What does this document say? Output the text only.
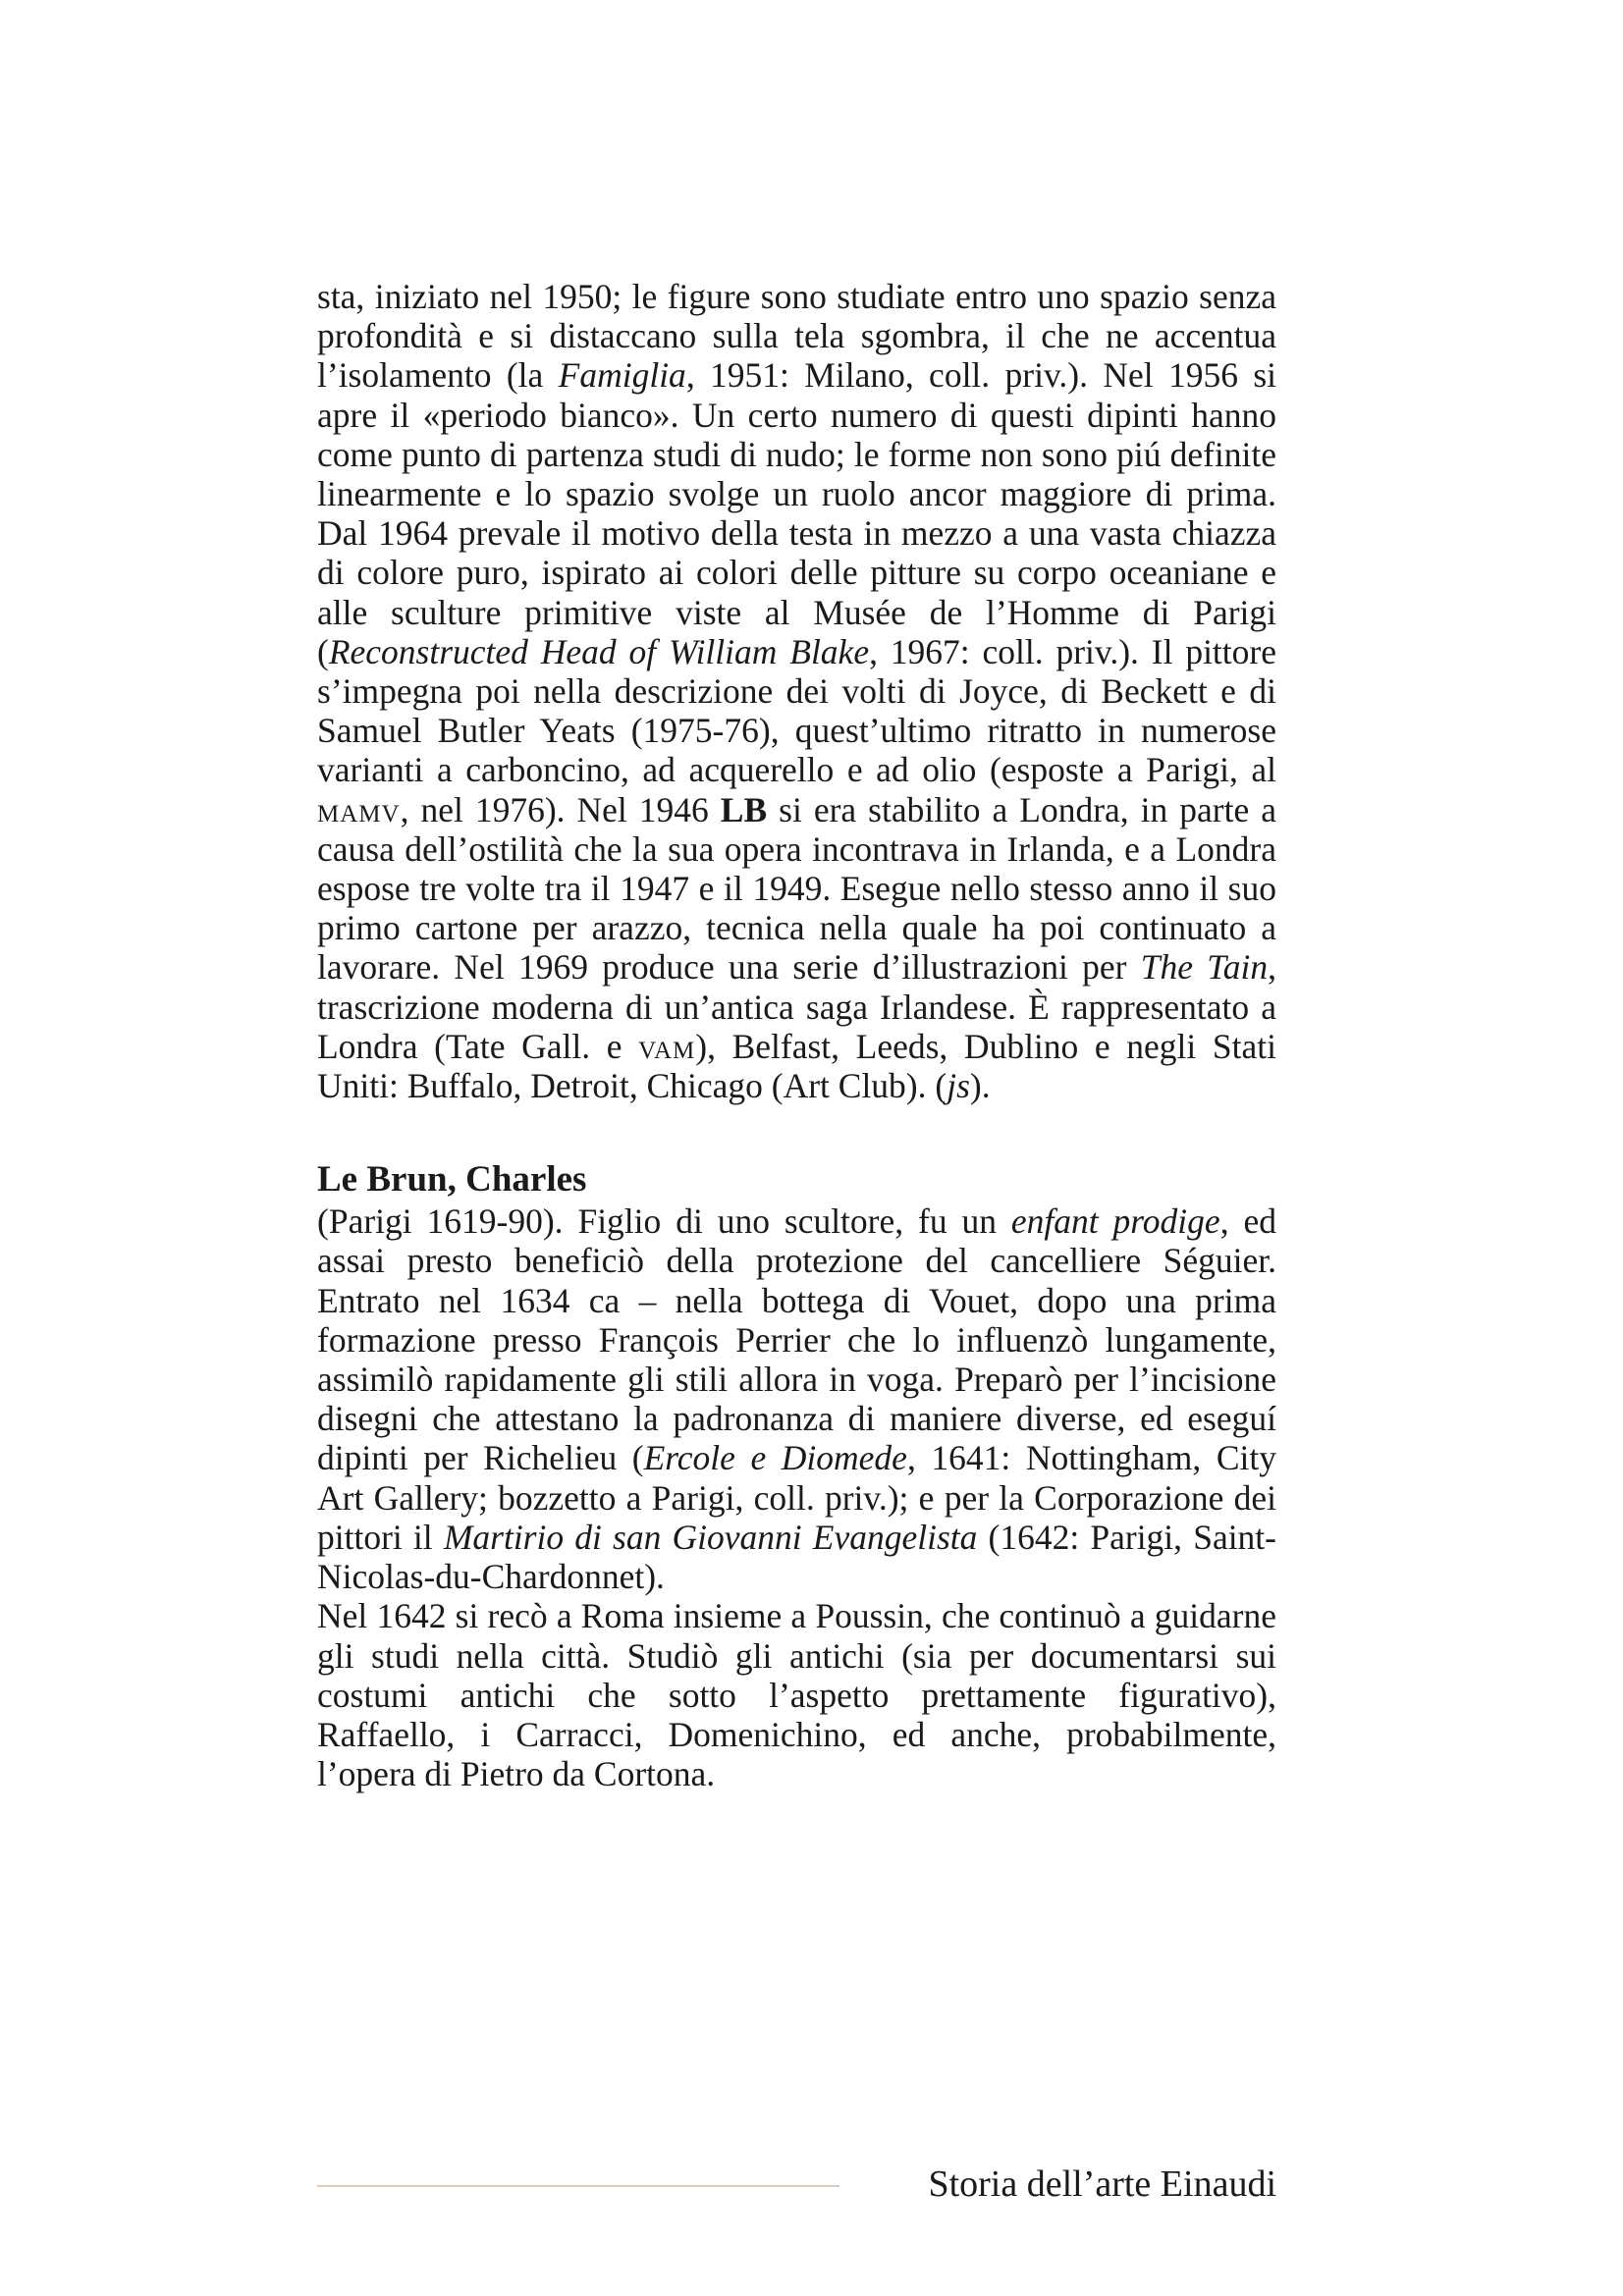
sta, iniziato nel 1950; le figure sono studiate entro uno spazio senza profondità e si distaccano sulla tela sgombra, il che ne accentua l’isolamento (la Famiglia, 1951: Milano, coll. priv.). Nel 1956 si apre il «periodo bianco». Un certo numero di questi dipinti hanno come punto di partenza studi di nudo; le forme non sono piú definite linearmente e lo spazio svolge un ruolo ancor maggiore di prima. Dal 1964 prevale il motivo della testa in mezzo a una vasta chiazza di colore puro, ispirato ai colori delle pitture su corpo oceaniane e alle sculture primitive viste al Musée de l’Homme di Parigi (Reconstructed Head of William Blake, 1967: coll. priv.). Il pittore s’impegna poi nella descrizione dei volti di Joyce, di Beckett e di Samuel Butler Yeats (1975-76), quest’ultimo ritratto in numerose varianti a carboncino, ad acquerello e ad olio (esposte a Parigi, al mamv, nel 1976). Nel 1946 LB si era stabilito a Londra, in parte a causa dell’ostilità che la sua opera incontrava in Irlanda, e a Londra espose tre volte tra il 1947 e il 1949. Esegue nello stesso anno il suo primo cartone per arazzo, tecnica nella quale ha poi continuato a lavorare. Nel 1969 produce una serie d’illustrazioni per The Tain, trascrizione moderna di un’antica saga Irlandese. È rappresentato a Londra (Tate Gall. e vam), Belfast, Leeds, Dublino e negli Stati Uniti: Buffalo, Detroit, Chicago (Art Club). (js).

Le Brun, Charles

(Parigi 1619-90). Figlio di uno scultore, fu un enfant prodige, ed assai presto beneficiò della protezione del cancelliere Séguier. Entrato nel 1634 ca – nella bottega di Vouet, dopo una prima formazione presso François Perrier che lo influenzò lungamente, assimilò rapidamente gli stili allora in voga. Preparò per l’incisione disegni che attestano la padronanza di maniere diverse, ed eseguí dipinti per Richelieu (Ercole e Diomede, 1641: Nottingham, City Art Gallery; bozzetto a Parigi, coll. priv.); e per la Corporazione dei pittori il Martirio di san Giovanni Evangelista (1642: Parigi, Saint-Nicolas-du-Chardonnet).

Nel 1642 si recò a Roma insieme a Poussin, che continuò a guidarne gli studi nella città. Studiò gli antichi (sia per documentarsi sui costumi antichi che sotto l’aspetto prettamente figurativo), Raffaello, i Carracci, Domenichino, ed anche, probabilmente, l’opera di Pietro da Cortona.

Storia dell’arte Einaudi
